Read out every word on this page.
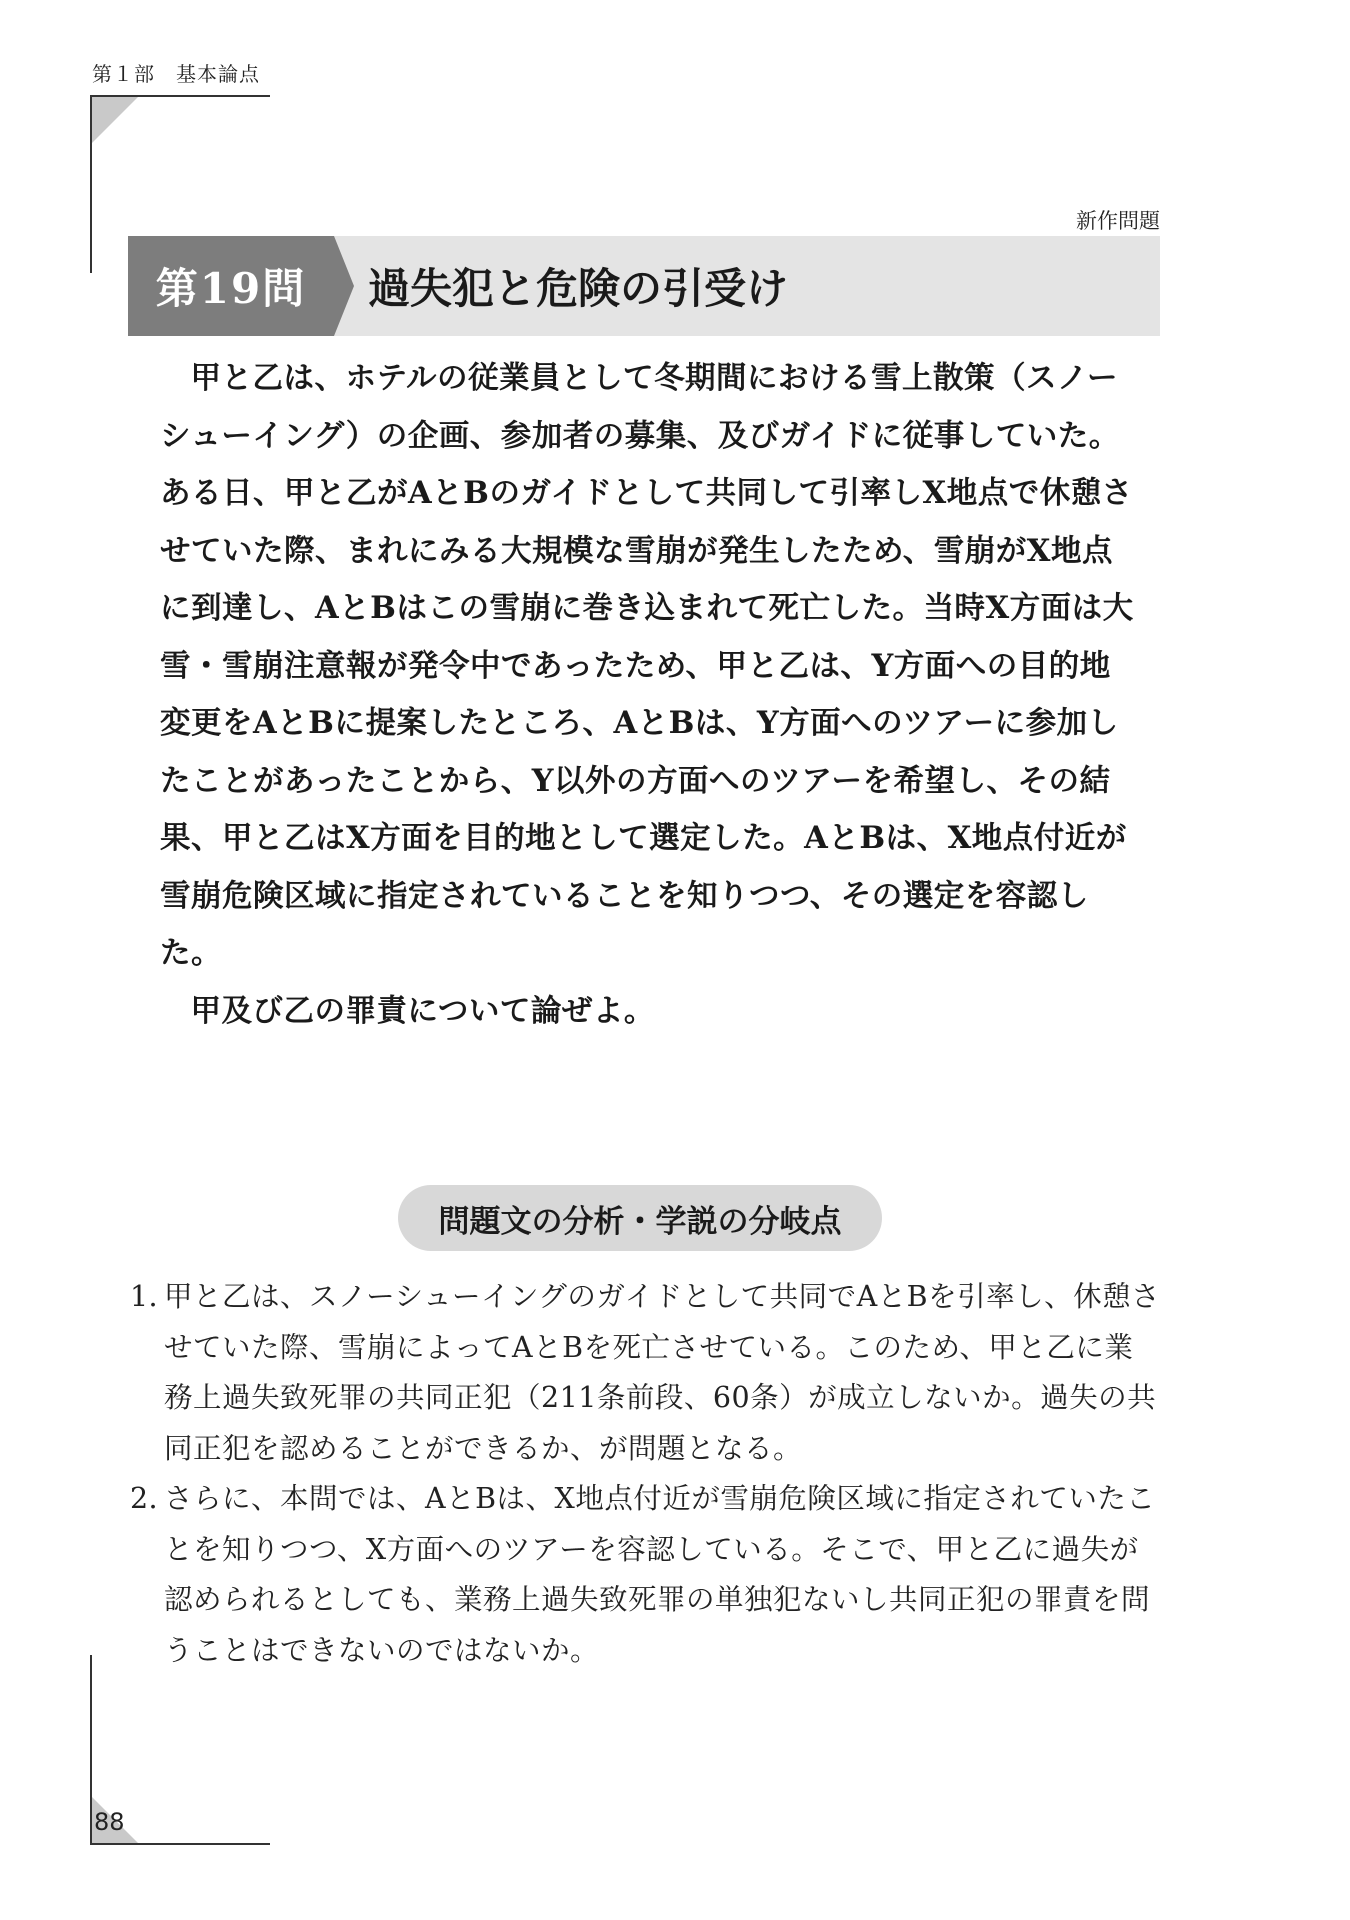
第１部　基本論点
新作問題
第19問	過失犯と危険の引受け

甲と乙は、ホテルの従業員として冬期間における雪上散策（スノーシューイング）の企画、参加者の募集、及びガイドに従事していた。ある日、甲と乙がAとBのガイドとして共同して引率しX地点で休憩させていた際、まれにみる大規模な雪崩が発生したため、雪崩がX地点に到達し、AとBはこの雪崩に巻き込まれて死亡した。当時X方面は大雪・雪崩注意報が発令中であったため、甲と乙は、Y方面への目的地変更をAとBに提案したところ、AとBは、Y方面へのツアーに参加したことがあったことから、Y以外の方面へのツアーを希望し、その結果、甲と乙はX方面を目的地として選定した。AとBは、X地点付近が雪崩危険区域に指定されていることを知りつつ、その選定を容認した。

甲及び乙の罪責について論ぜよ。

問題文の分析・学説の分岐点

1．
甲と乙は、スノーシューイングのガイドとして共同でAとBを引率し、休憩させていた際、雪崩によってAとBを死亡させている。このため、甲と乙に業務上過失致死罪の共同正犯（211条前段、60条）が成立しないか。過失の共同正犯を認めることができるか、が問題となる。

2．
さらに、本問では、AとBは、X地点付近が雪崩危険区域に指定されていたことを知りつつ、X方面へのツアーを容認している。そこで、甲と乙に過失が認められるとしても、業務上過失致死罪の単独犯ないし共同正犯の罪責を問うことはできないのではないか。

88
